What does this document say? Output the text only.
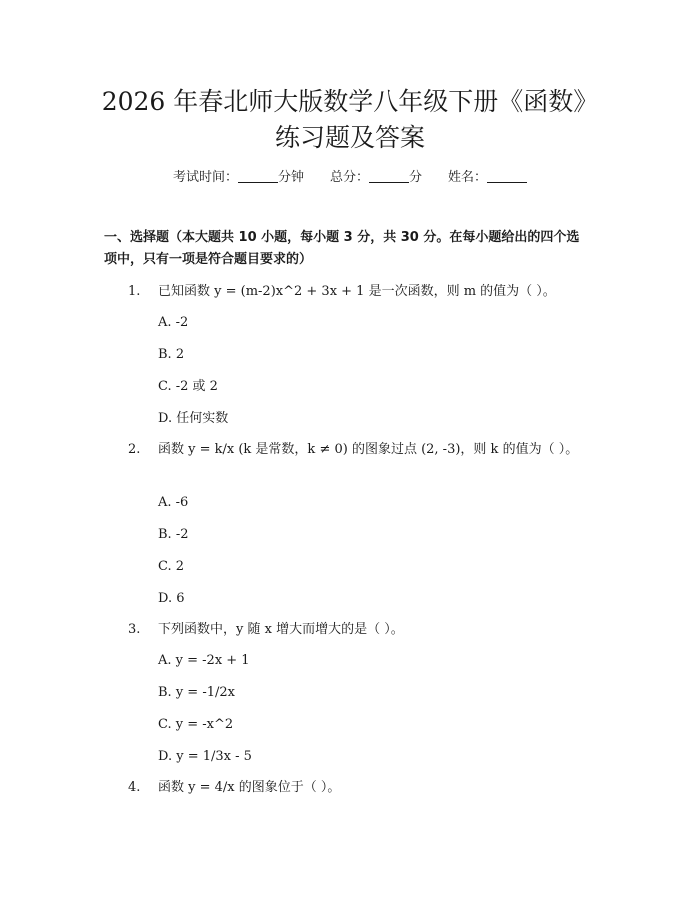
2026 年春北师大版数学八年级下册《函数》
练习题及答案
考试时间：	分钟 总分：	分 姓名：
一、选择题（本大题共 10 小题，每小题 3 分，共 30 分。在每小题给出的四个选项中，只有一项是符合题目要求的）
1. 已知函数 y = (m-2)x^2 + 3x + 1 是一次函数，则 m 的值为（ ）。
A. -2
B. 2
C. -2 或 2
D. 任何实数
2. 函数 y = k/x (k 是常数，k ≠ 0) 的图象过点 (2, -3)，则 k 的值为（ ）。
A. -6
B. -2
C. 2
D. 6
3. 下列函数中，y 随 x 增大而增大的是（ ）。
A. y = -2x + 1
B. y = -1/2x
C. y = -x^2
D. y = 1/3x - 5
4. 函数 y = 4/x 的图象位于（ ）。
